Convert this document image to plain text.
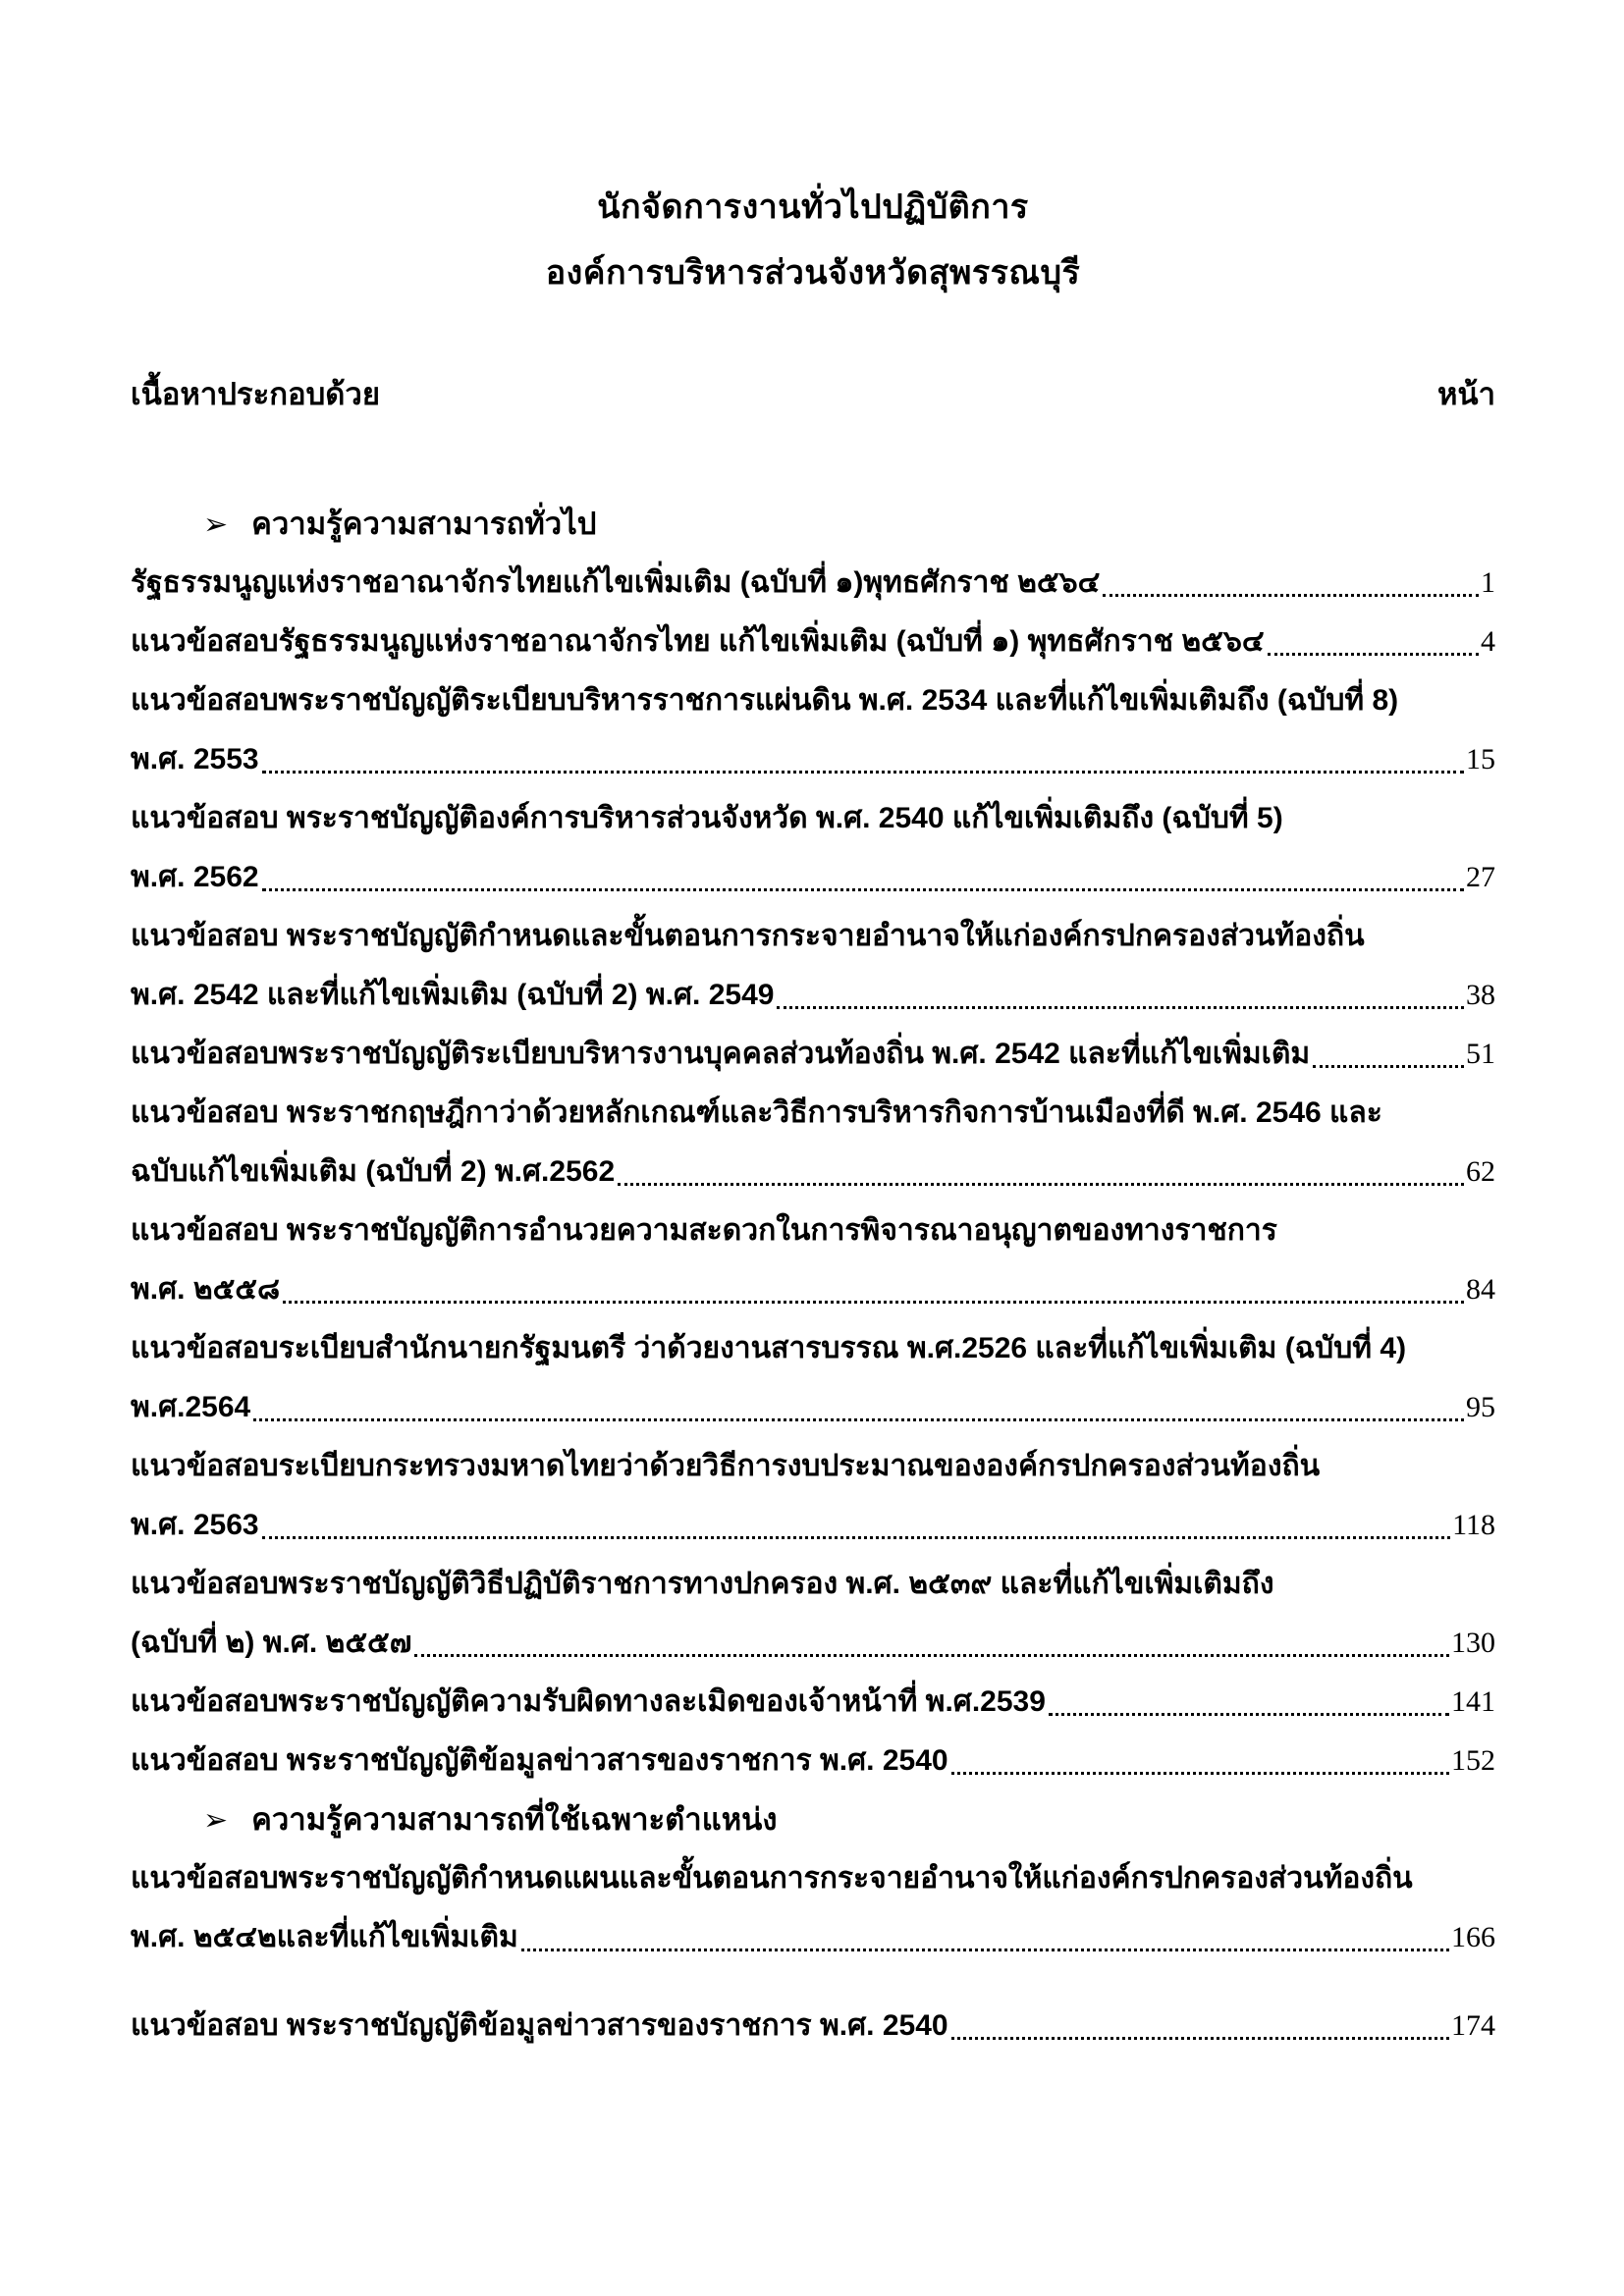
นักจัดการงานทั่วไปปฏิบัติการ
องค์การบริหารส่วนจังหวัดสุพรรณบุรี
เนื้อหาประกอบด้วย	หน้า
➢ ความรู้ความสามารถทั่วไป
รัฐธรรมนูญแห่งราชอาณาจักรไทยแก้ไขเพิ่มเติม (ฉบับที่ ๑)พุทธศักราช ๒๕๖๔	1
แนวข้อสอบรัฐธรรมนูญแห่งราชอาณาจักรไทย แก้ไขเพิ่มเติม (ฉบับที่ ๑) พุทธศักราช ๒๕๖๔	4
แนวข้อสอบพระราชบัญญัติระเบียบบริหารราชการแผ่นดิน พ.ศ. 2534 และที่แก้ไขเพิ่มเติมถึง (ฉบับที่ 8)
พ.ศ. 2553	15
แนวข้อสอบ พระราชบัญญัติองค์การบริหารส่วนจังหวัด พ.ศ. 2540 แก้ไขเพิ่มเติมถึง (ฉบับที่ 5)
พ.ศ. 2562	27
แนวข้อสอบ พระราชบัญญัติกำหนดและขั้นตอนการกระจายอำนาจให้แก่องค์กรปกครองส่วนท้องถิ่น
พ.ศ. 2542 และที่แก้ไขเพิ่มเติม (ฉบับที่ 2) พ.ศ. 2549	38
แนวข้อสอบพระราชบัญญัติระเบียบบริหารงานบุคคลส่วนท้องถิ่น พ.ศ. 2542 และที่แก้ไขเพิ่มเติม	51
แนวข้อสอบ พระราชกฤษฎีกาว่าด้วยหลักเกณฑ์และวิธีการบริหารกิจการบ้านเมืองที่ดี พ.ศ. 2546 และ
ฉบับแก้ไขเพิ่มเติม (ฉบับที่ 2) พ.ศ.2562	62
แนวข้อสอบ พระราชบัญญัติการอำนวยความสะดวกในการพิจารณาอนุญาตของทางราชการ
พ.ศ. ๒๕๕๘	84
แนวข้อสอบระเบียบสำนักนายกรัฐมนตรี ว่าด้วยงานสารบรรณ พ.ศ.2526 และที่แก้ไขเพิ่มเติม (ฉบับที่ 4)
พ.ศ.2564	95
แนวข้อสอบระเบียบกระทรวงมหาดไทยว่าด้วยวิธีการงบประมาณขององค์กรปกครองส่วนท้องถิ่น
พ.ศ. 2563	118
แนวข้อสอบพระราชบัญญัติวิธีปฏิบัติราชการทางปกครอง พ.ศ. ๒๕๓๙ และที่แก้ไขเพิ่มเติมถึง
(ฉบับที่ ๒) พ.ศ. ๒๕๕๗	130
แนวข้อสอบพระราชบัญญัติความรับผิดทางละเมิดของเจ้าหน้าที่ พ.ศ.2539	141
แนวข้อสอบ พระราชบัญญัติข้อมูลข่าวสารของราชการ พ.ศ. 2540	152
➢ ความรู้ความสามารถที่ใช้เฉพาะตำแหน่ง
แนวข้อสอบพระราชบัญญัติกำหนดแผนและขั้นตอนการกระจายอำนาจให้แก่องค์กรปกครองส่วนท้องถิ่น
พ.ศ. ๒๕๔๒และที่แก้ไขเพิ่มเติม	166
แนวข้อสอบ พระราชบัญญัติข้อมูลข่าวสารของราชการ พ.ศ. 2540	174
